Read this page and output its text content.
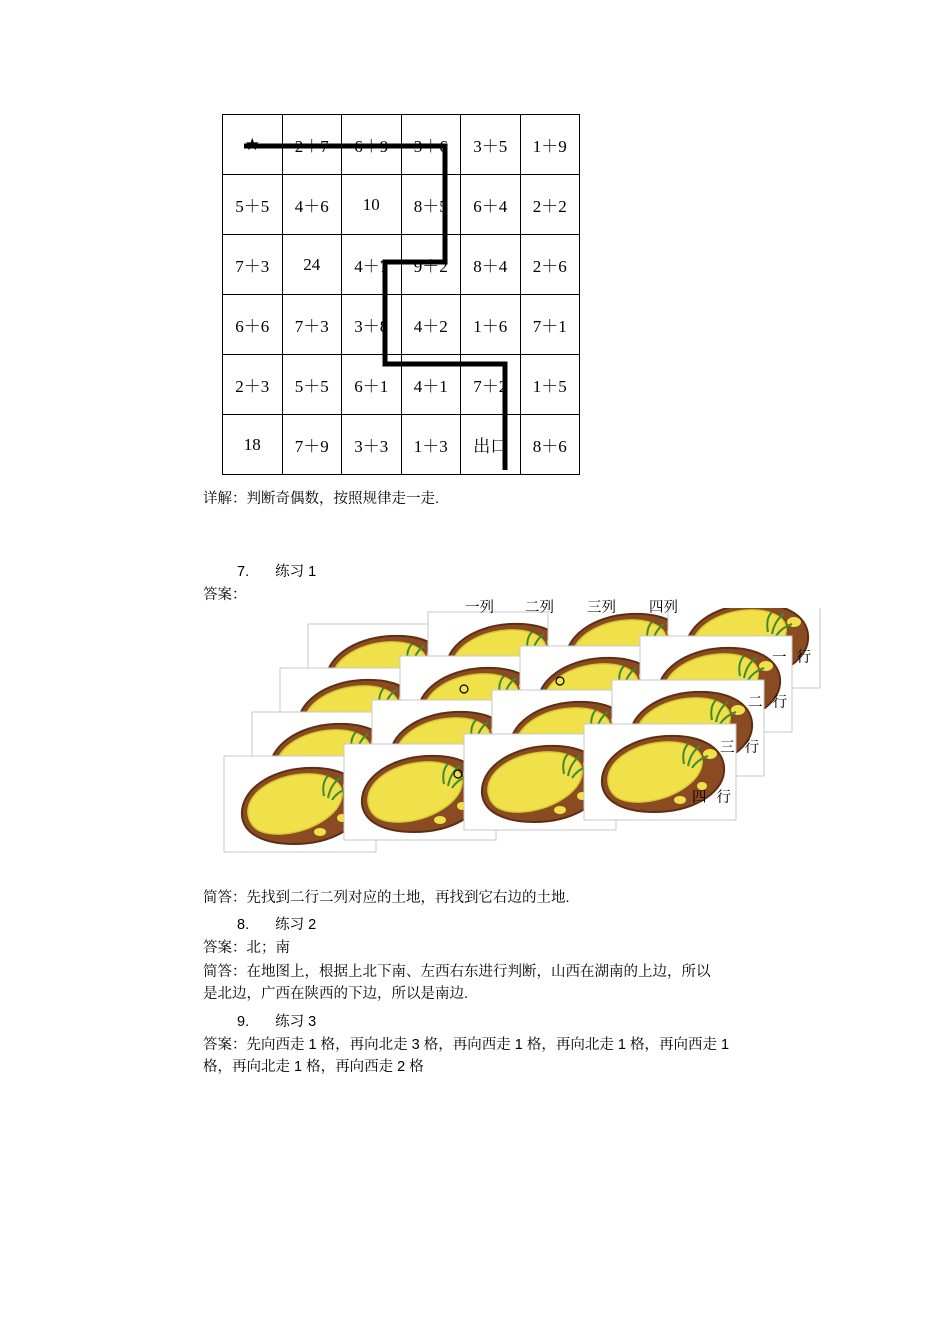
★	2＋7	6＋9	3＋6	3＋5	1＋9
5＋5	4＋6	10	8＋5	6＋4	2＋2
7＋3	24	4＋7	9＋2	8＋4	2＋6
6＋6	7＋3	3＋8	4＋2	1＋6	7＋1
2＋3	5＋5	6＋1	4＋1	7＋2	1＋5
18	7＋9	3＋3	1＋3	出口	8＋6
详解：判断奇偶数，按照规律走一走.
7. 练习 1
答案：
一列 二列 三列 四列
一 行
二 行
三 行
四 行
简答：先找到二行二列对应的土地，再找到它右边的土地.
8. 练习 2
答案：北；南
简答：在地图上，根据上北下南、左西右东进行判断，山西在湖南的上边，所以
是北边，广西在陕西的下边，所以是南边.
9. 练习 3
答案：先向西走 1 格，再向北走 3 格，再向西走 1 格，再向北走 1 格，再向西走 1
格，再向北走 1 格，再向西走 2 格
